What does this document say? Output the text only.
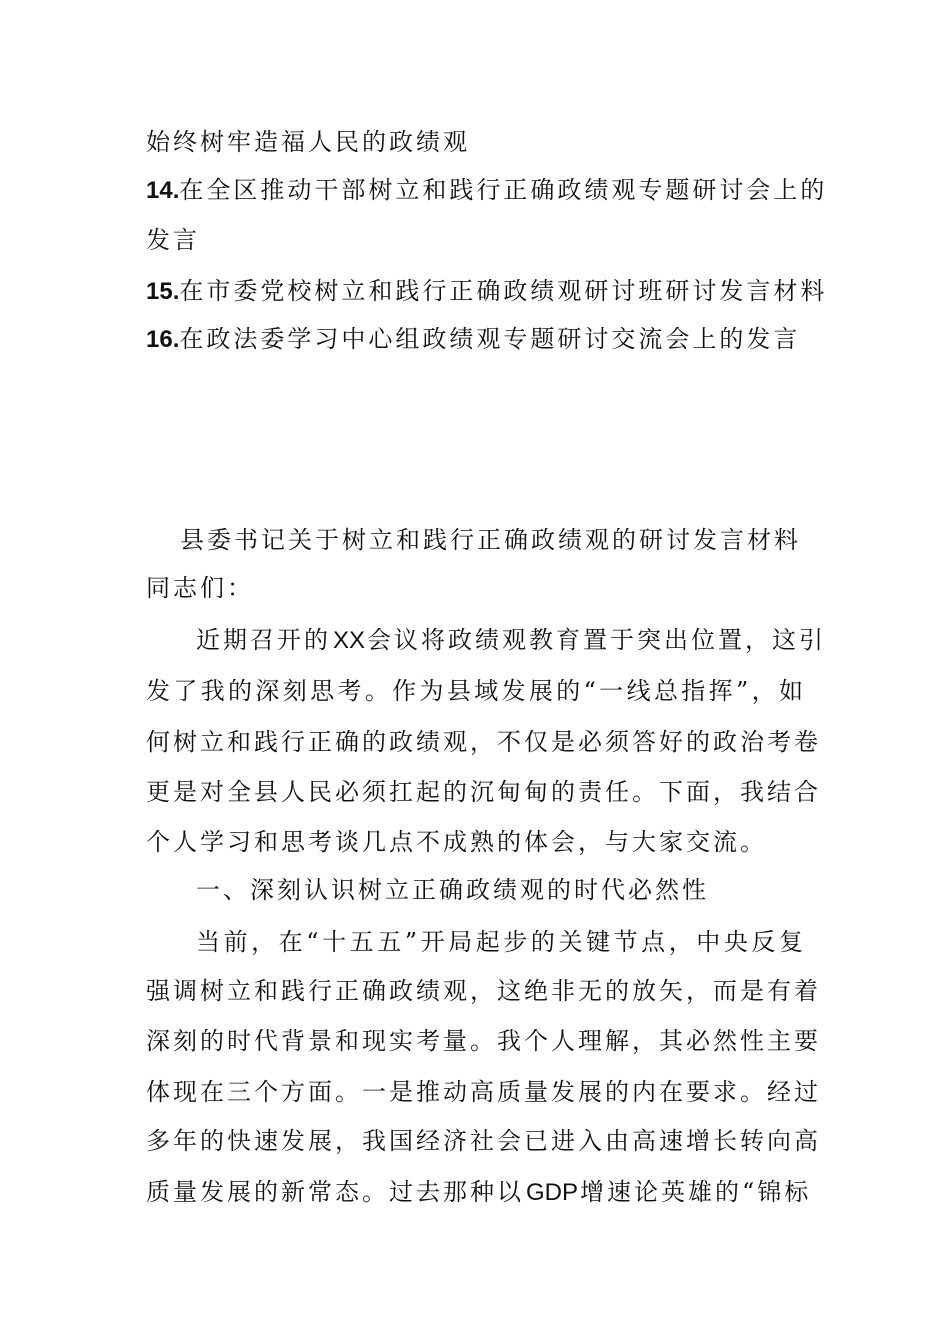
始终树牢造福人民的政绩观
14.在全区推动干部树立和践行正确政绩观专题研讨会上的
发言
15.在市委党校树立和践行正确政绩观研讨班研讨发言材料
16.在政法委学习中心组政绩观专题研讨交流会上的发言
县委书记关于树立和践行正确政绩观的研讨发言材料
同志们：
近期召开的XX会议将政绩观教育置于突出位置，这引
发了我的深刻思考。作为县域发展的“一线总指挥”，如
何树立和践行正确的政绩观，不仅是必须答好的政治考卷
更是对全县人民必须扛起的沉甸甸的责任。下面，我结合
个人学习和思考谈几点不成熟的体会，与大家交流。
一、深刻认识树立正确政绩观的时代必然性
当前，在“十五五”开局起步的关键节点，中央反复
强调树立和践行正确政绩观，这绝非无的放矢，而是有着
深刻的时代背景和现实考量。我个人理解，其必然性主要
体现在三个方面。一是推动高质量发展的内在要求。经过
多年的快速发展，我国经济社会已进入由高速增长转向高
质量发展的新常态。过去那种以GDP增速论英雄的“锦标
